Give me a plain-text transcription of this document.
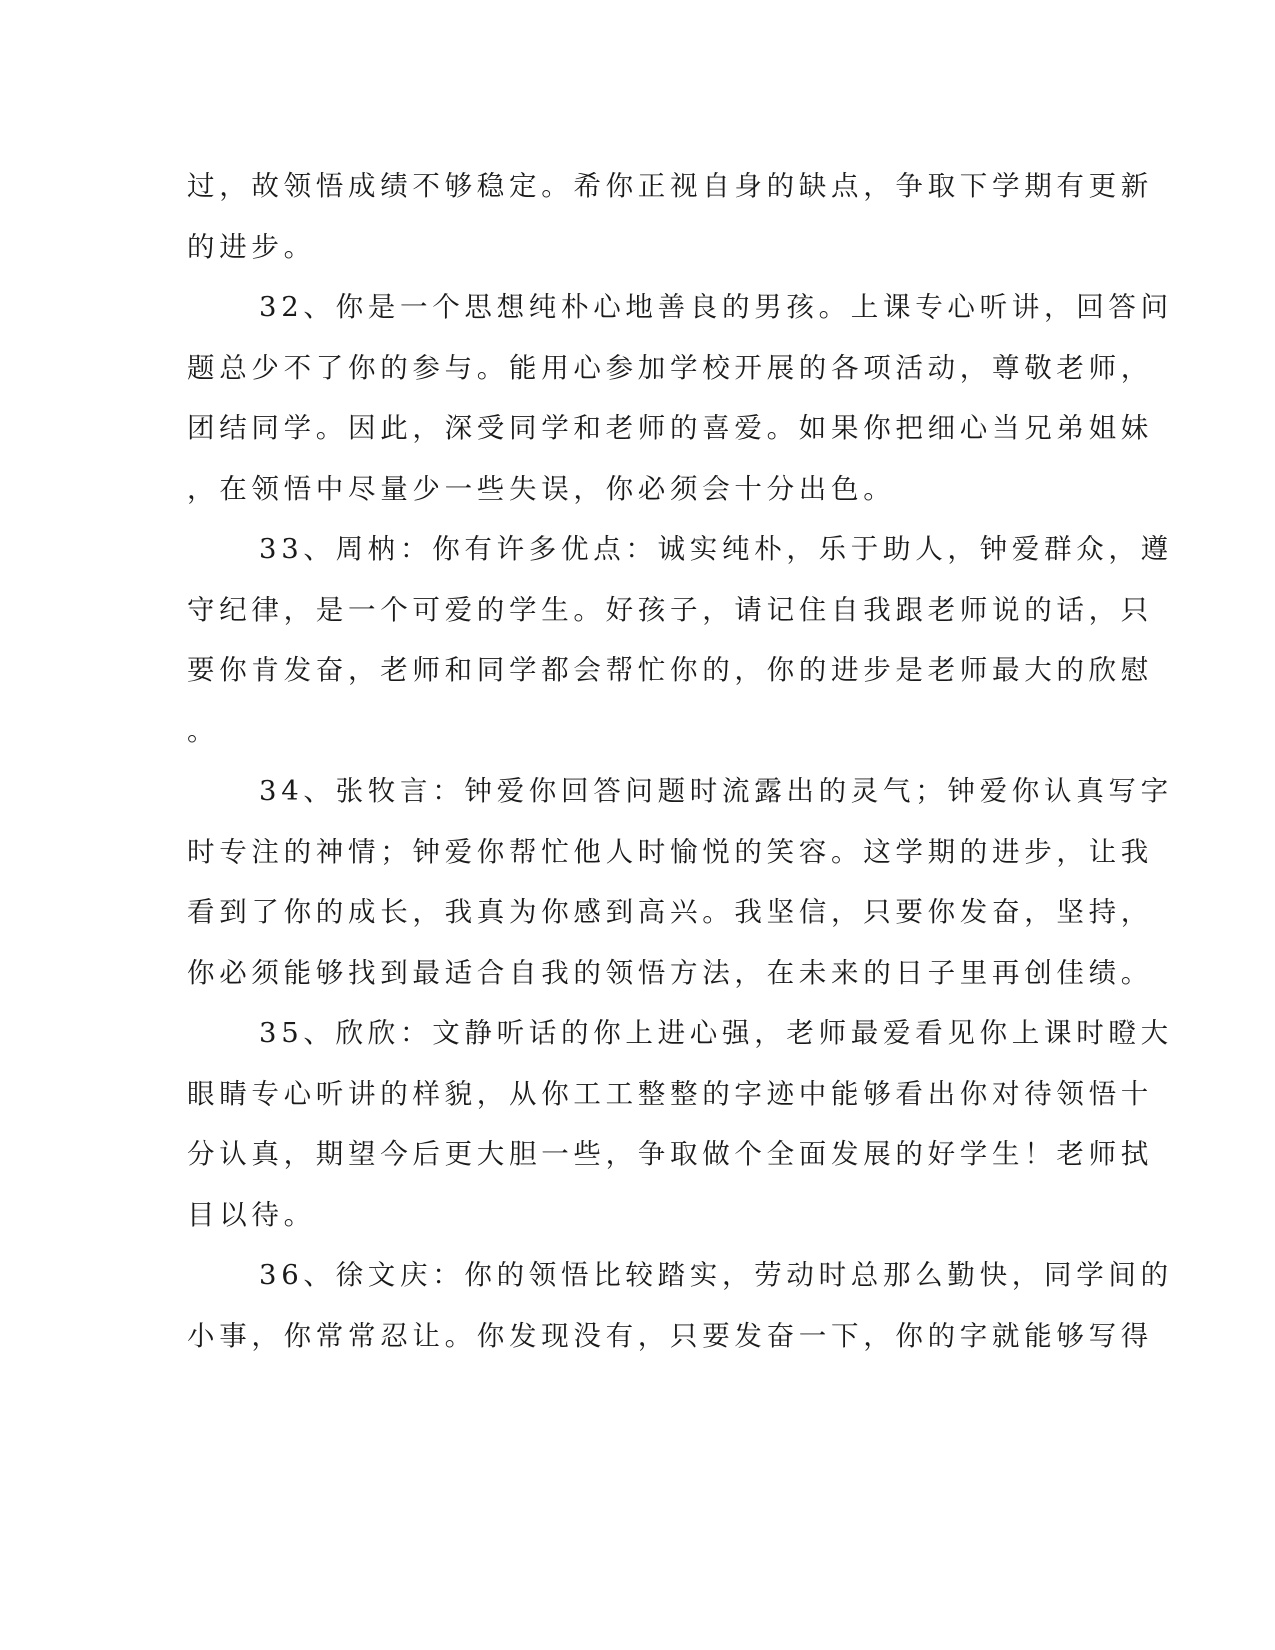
过，故领悟成绩不够稳定。希你正视自身的缺点，争取下学期有更新
的进步。
32、你是一个思想纯朴心地善良的男孩。上课专心听讲，回答问
题总少不了你的参与。能用心参加学校开展的各项活动，尊敬老师，
团结同学。因此，深受同学和老师的喜爱。如果你把细心当兄弟姐妹
，在领悟中尽量少一些失误，你必须会十分出色。
33、周枘：你有许多优点：诚实纯朴，乐于助人，钟爱群众，遵
守纪律，是一个可爱的学生。好孩子，请记住自我跟老师说的话，只
要你肯发奋，老师和同学都会帮忙你的，你的进步是老师最大的欣慰
。
34、张牧言：钟爱你回答问题时流露出的灵气；钟爱你认真写字
时专注的神情；钟爱你帮忙他人时愉悦的笑容。这学期的进步，让我
看到了你的成长，我真为你感到高兴。我坚信，只要你发奋，坚持，
你必须能够找到最适合自我的领悟方法，在未来的日子里再创佳绩。
35、欣欣：文静听话的你上进心强，老师最爱看见你上课时瞪大
眼睛专心听讲的样貌，从你工工整整的字迹中能够看出你对待领悟十
分认真，期望今后更大胆一些，争取做个全面发展的好学生！老师拭
目以待。
36、徐文庆：你的领悟比较踏实，劳动时总那么勤快，同学间的
小事，你常常忍让。你发现没有，只要发奋一下，你的字就能够写得
